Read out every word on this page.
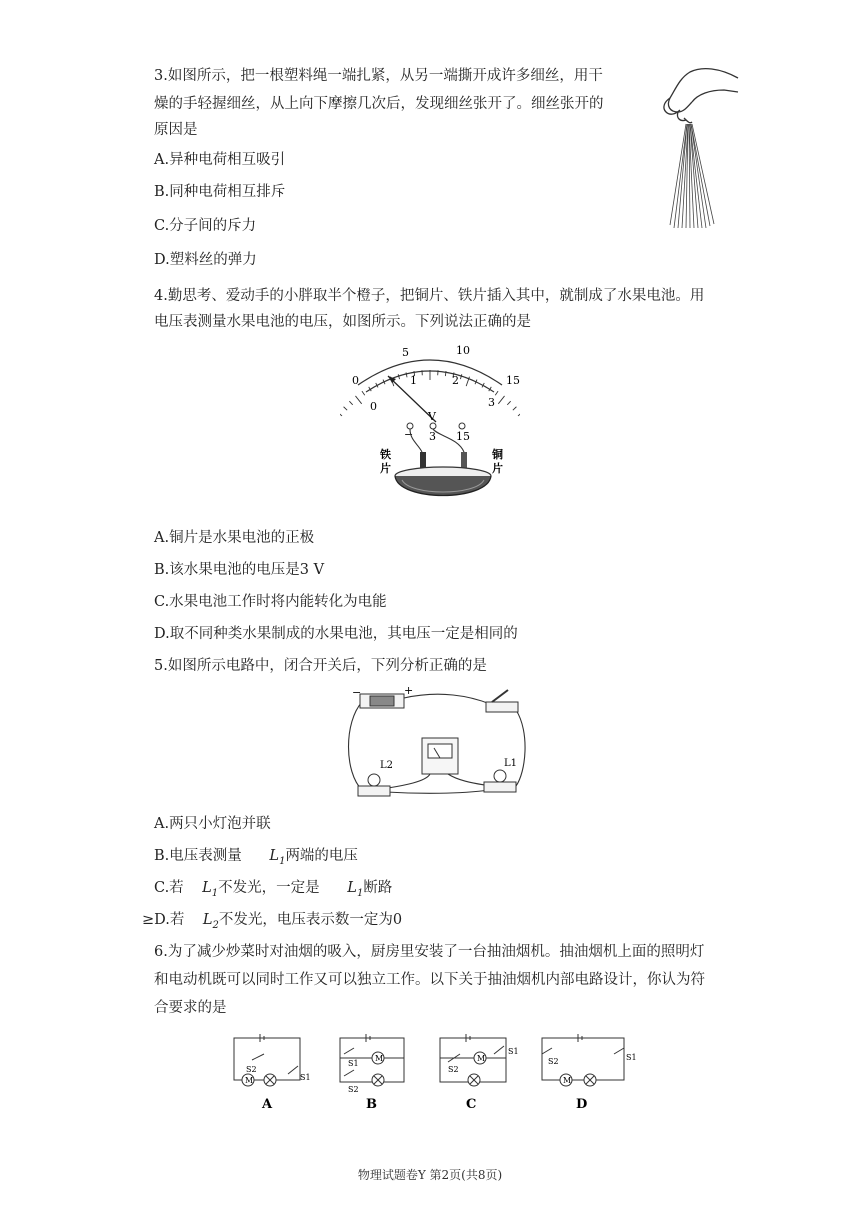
3.如图所示，把一根塑料绳一端扎紧，从另一端撕开成许多细丝，用干
燥的手轻握细丝，从上向下摩擦几次后，发现细丝张开了。细丝张开的
原因是
A.异种电荷相互吸引
B.同种电荷相互排斥
C.分子间的斥力
D.塑料丝的弹力
4.勤思考、爱动手的小胖取半个橙子，把铜片、铁片插入其中，就制成了水果电池。用
电压表测量水果电池的电压，如图所示。下列说法正确的是
0
5	10
15
0
1	2
3
V
− 3 15
铁
片
铜
片
A.铜片是水果电池的正极
B.该水果电池的电压是3 V
C.水果电池工作时将内能转化为电能
D.取不同种类水果制成的水果电池，其电压一定是相同的
5.如图所示电路中，闭合开关后，下列分析正确的是
−	+
L2	L1
A.两只小灯泡并联
B.电压表测量 $L_1$两端的电压
C.若 $L_1$不发光，一定是 $L_1$断路
≥D.若 $L_2$不发光，电压表示数一定为0
6.为了减少炒菜时对油烟的吸入，厨房里安装了一台抽油烟机。抽油烟机上面的照明灯
和电动机既可以同时工作又可以独立工作。以下关于抽油烟机内部电路设计，你认为符
合要求的是
M
S2
S1
A
M
S1
S2
B
M
S1
S2
C
M
S2	S1
D
物理试题卷Y 第2页(共8页)
